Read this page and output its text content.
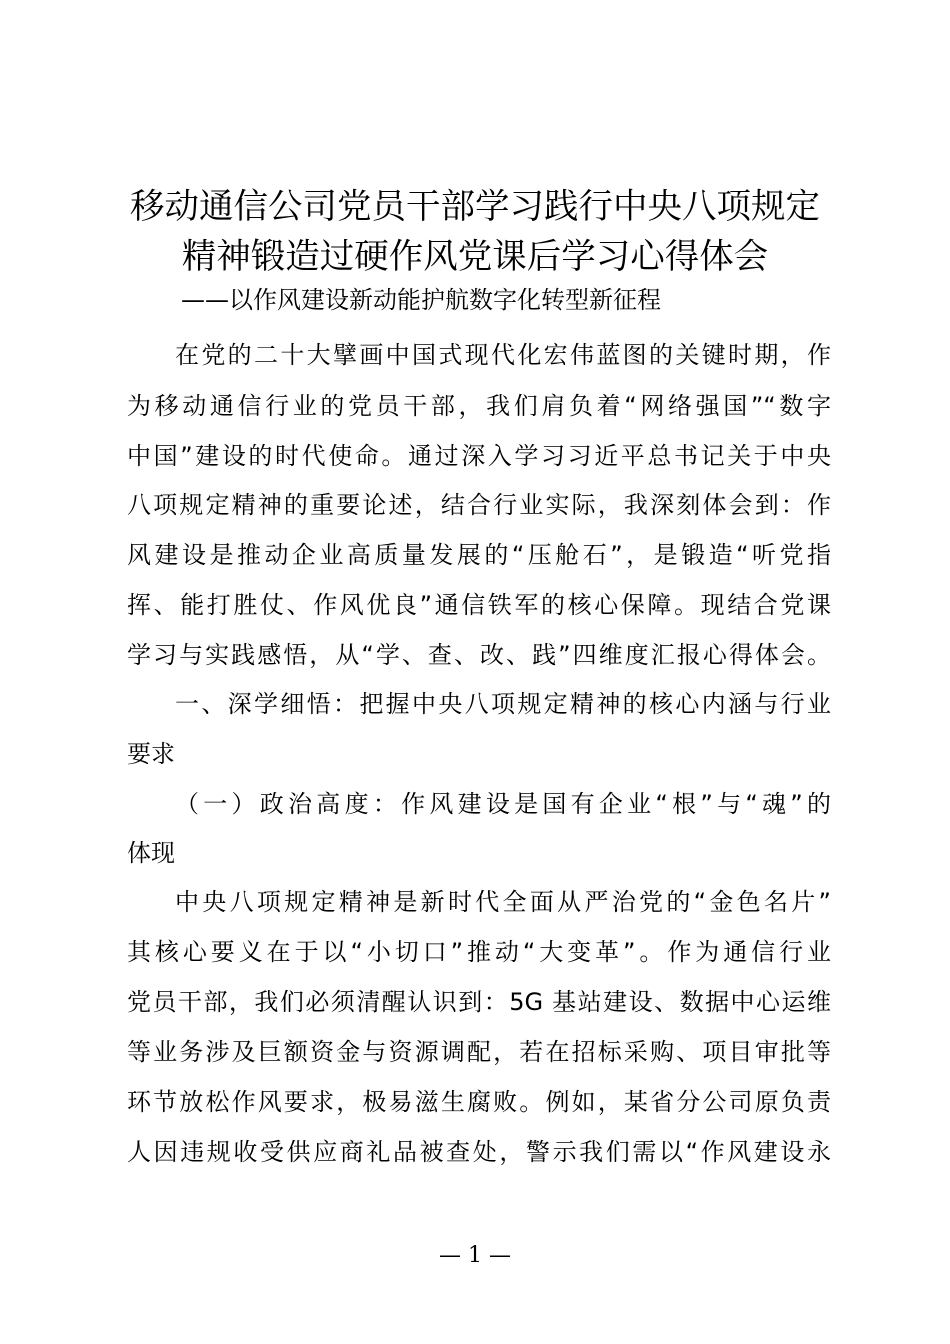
移动通信公司党员干部学习践行中央八项规定
精神锻造过硬作风党课后学习心得体会
——以作风建设新动能护航数字化转型新征程
在党的二十大擘画中国式现代化宏伟蓝图的关键时期，作
为移动通信行业的党员干部，我们肩负着“网络强国”“数字
中国”建设的时代使命。通过深入学习习近平总书记关于中央
八项规定精神的重要论述，结合行业实际，我深刻体会到：作
风建设是推动企业高质量发展的“压舱石”，是锻造“听党指
挥、能打胜仗、作风优良”通信铁军的核心保障。现结合党课
学习与实践感悟，从“学、查、改、践”四维度汇报心得体会。
一、深学细悟：把握中央八项规定精神的核心内涵与行业
要求
（一）政治高度：作风建设是国有企业“根”与“魂”的
体现
中央八项规定精神是新时代全面从严治党的“金色名片”
其核心要义在于以“小切口”推动“大变革”。作为通信行业
党员干部，我们必须清醒认识到：5G 基站建设、数据中心运维
等业务涉及巨额资金与资源调配，若在招标采购、项目审批等
环节放松作风要求，极易滋生腐败。例如，某省分公司原负责
人因违规收受供应商礼品被查处，警示我们需以“作风建设永
— 1 —
